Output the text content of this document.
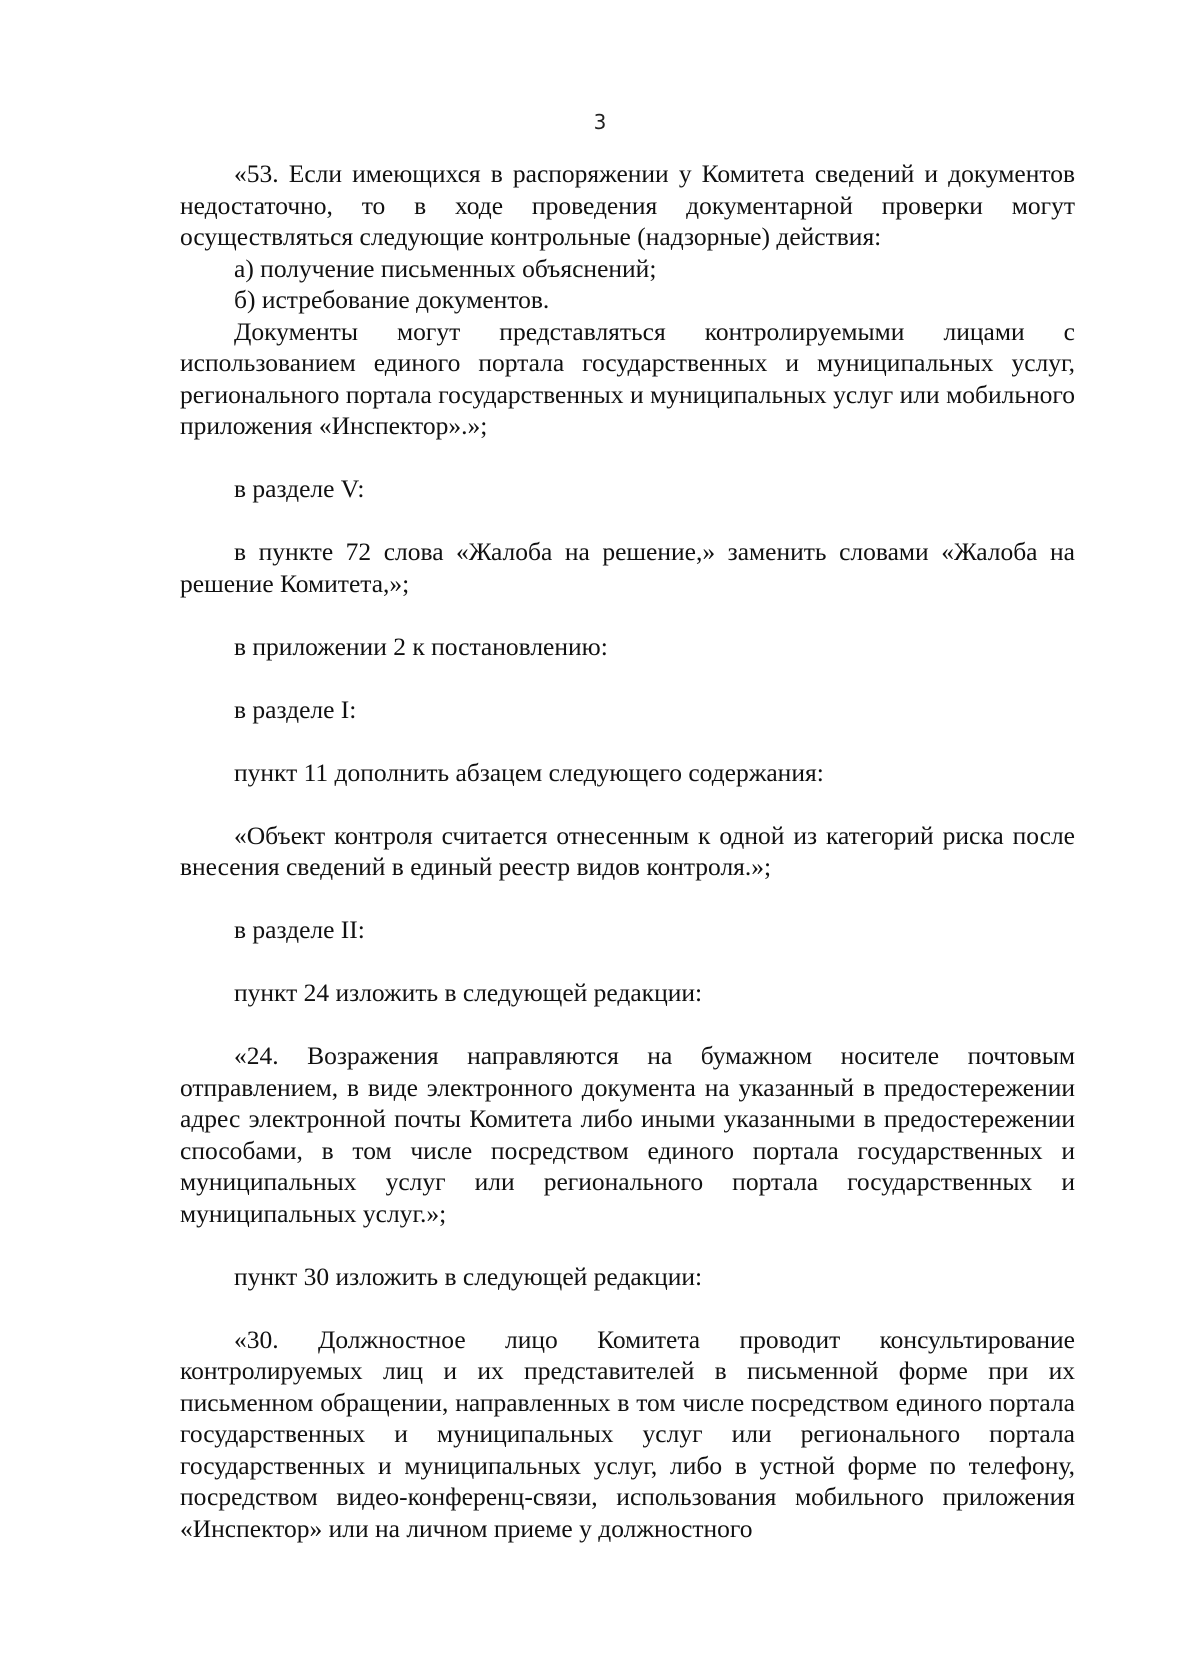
3

«53. Если имеющихся в распоряжении у Комитета сведений и документов недостаточно, то в ходе проведения документарной проверки могут осуществляться следующие контрольные (надзорные) действия:

а) получение письменных объяснений;

б) истребование документов.

Документы могут представляться контролируемыми лицами с использованием единого портала государственных и муниципальных услуг, регионального портала государственных и муниципальных услуг или мобильного приложения «Инспектор».»;

в разделе V:

в пункте 72 слова «Жалоба на решение,» заменить словами «Жалоба на решение Комитета,»;

в приложении 2 к постановлению:

в разделе I:

пункт 11 дополнить абзацем следующего содержания:

«Объект контроля считается отнесенным к одной из категорий риска после внесения сведений в единый реестр видов контроля.»;

в разделе II:

пункт 24 изложить в следующей редакции:

«24. Возражения направляются на бумажном носителе почтовым отправлением, в виде электронного документа на указанный в предостережении адрес электронной почты Комитета либо иными указанными в предостережении способами, в том числе посредством единого портала государственных и муниципальных услуг или регионального портала государственных и муниципальных услуг.»;

пункт 30 изложить в следующей редакции:

«30. Должностное лицо Комитета проводит консультирование контролируемых лиц и их представителей в письменной форме при их письменном обращении, направленных в том числе посредством единого портала государственных и муниципальных услуг или регионального портала государственных и муниципальных услуг, либо в устной форме по телефону, посредством видео-конференц-связи, использования мобильного приложения «Инспектор» или на личном приеме у должностного
